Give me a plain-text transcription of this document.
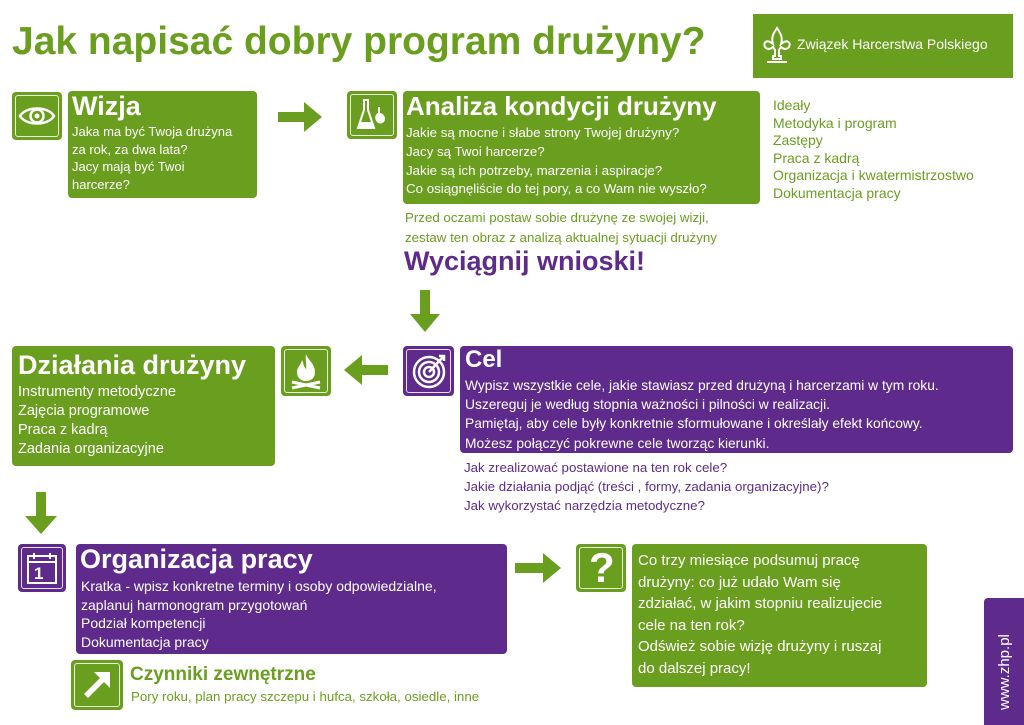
Jak napisać dobry program drużyny?	Związek Harcerstwa Polskiego
Wizja
Jaka ma być Twoja drużyna
za rok, za dwa lata?
Jacy mają być Twoi
harcerze?
Analiza kondycji drużyny
Jakie są mocne i słabe strony Twojej drużyny?
Jacy są Twoi harcerze?
Jakie są ich potrzeby, marzenia i aspiracje?
Co osiągnęliście do tej pory, a co Wam nie wyszło?
Ideały
Metodyka i program
Zastępy
Praca z kadrą
Organizacja i kwatermistrzostwo
Dokumentacja pracy
Przed oczami postaw sobie drużynę ze swojej wizji,
zestaw ten obraz z analizą aktualnej sytuacji drużyny
Wyciągnij wnioski!
Cel
Wypisz wszystkie cele, jakie stawiasz przed drużyną i harcerzami w tym roku.
Uszereguj je według stopnia ważności i pilności w realizacji.
Pamiętaj, aby cele były konkretnie sformułowane i określały efekt końcowy.
Możesz połączyć pokrewne cele tworząc kierunki.
Jak zrealizować postawione na ten rok cele?
Jakie działania podjąć (treści , formy, zadania organizacyjne)?
Jak wykorzystać narzędzia metodyczne?
Działania drużyny
Instrumenty metodyczne
Zajęcia programowe
Praca z kadrą
Zadania organizacyjne
1 Organizacja pracy
Kratka - wpisz konkretne terminy i osoby odpowiedzialne,
zaplanuj harmonogram przygotowań
Podział kompetencji
Dokumentacja pracy
Czynniki zewnętrzne
Pory roku, plan pracy szczepu i hufca, szkoła, osiedle, inne
? Co trzy miesiące podsumuj pracę
drużyny: co już udało Wam się
zdziałać, w jakim stopniu realizujecie
cele na ten rok?
Odśwież sobie wizję drużyny i ruszaj
do dalszej pracy!	www.zhp.pl
